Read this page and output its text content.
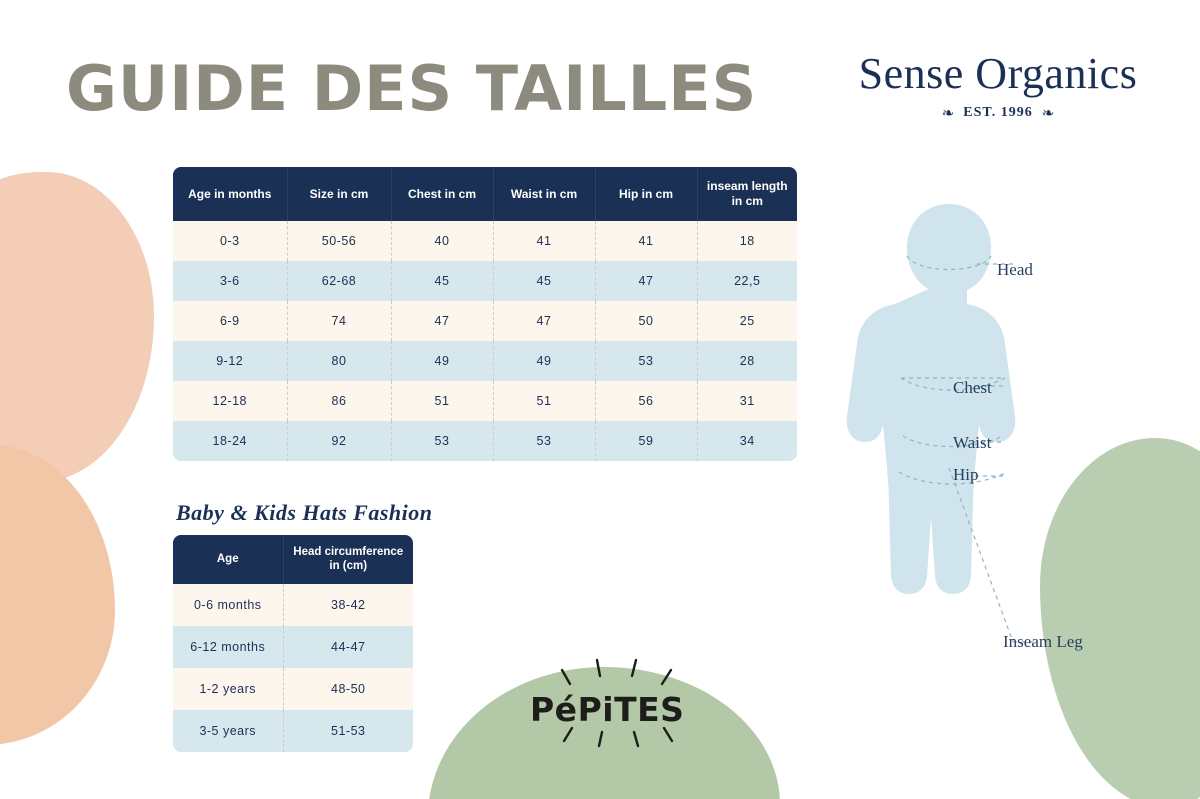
GUIDE DES TAILLES	Sense Organics
❧ EST. 1996 ❧
Age in months	Size in cm	Chest in cm	Waist in cm	Hip in cm	inseam length in cm
0-3	50-56	40	41	41	18
3-6	62-68	45	45	47	22,5
6-9	74	47	47	50	25
9-12	80	49	49	53	28
12-18	86	51	51	56	31
18-24	92	53	53	59	34
Baby & Kids Hats Fashion
Age	Head circumference in (cm)
0-6 months	38-42
6-12 months	44-47
1-2 years	48-50
3-5 years	51-53
Head
Chest
Waist
Hip
Inseam Leg
PéPiTES
